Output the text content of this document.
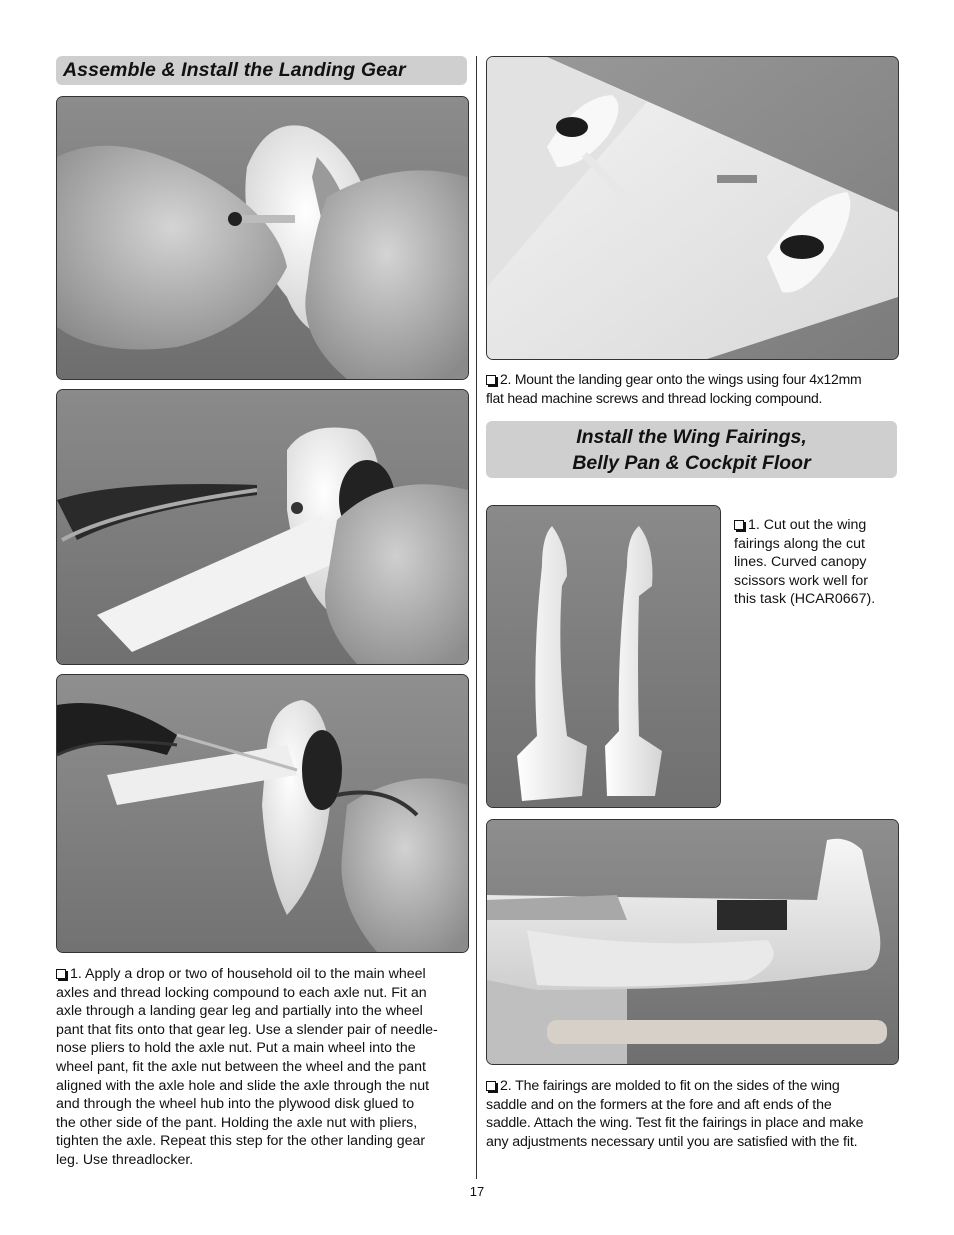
Assemble & Install the Landing Gear
1. Apply a drop or two of household oil to the main wheel
axles and thread locking compound to each axle nut. Fit an
axle through a landing gear leg and partially into the wheel
pant that fits onto that gear leg. Use a slender pair of needle-
nose pliers to hold the axle nut. Put a main wheel into the
wheel pant, fit the axle nut between the wheel and the pant
aligned with the axle hole and slide the axle through the nut
and through the wheel hub into the plywood disk glued to
the other side of the pant. Holding the axle nut with pliers,
tighten the axle. Repeat this step for the other landing gear
leg. Use threadlocker.
2. Mount the landing gear onto the wings using four 4x12mm
flat head machine screws and thread locking compound.
Install the Wing Fairings,
Belly Pan & Cockpit Floor
1. Cut out the wing
fairings along the cut
lines. Curved canopy
scissors work well for
this task (HCAR0667).
2. The fairings are molded to fit on the sides of the wing
saddle and on the formers at the fore and aft ends of the
saddle. Attach the wing. Test fit the fairings in place and make
any adjustments necessary until you are satisfied with the fit.
17
